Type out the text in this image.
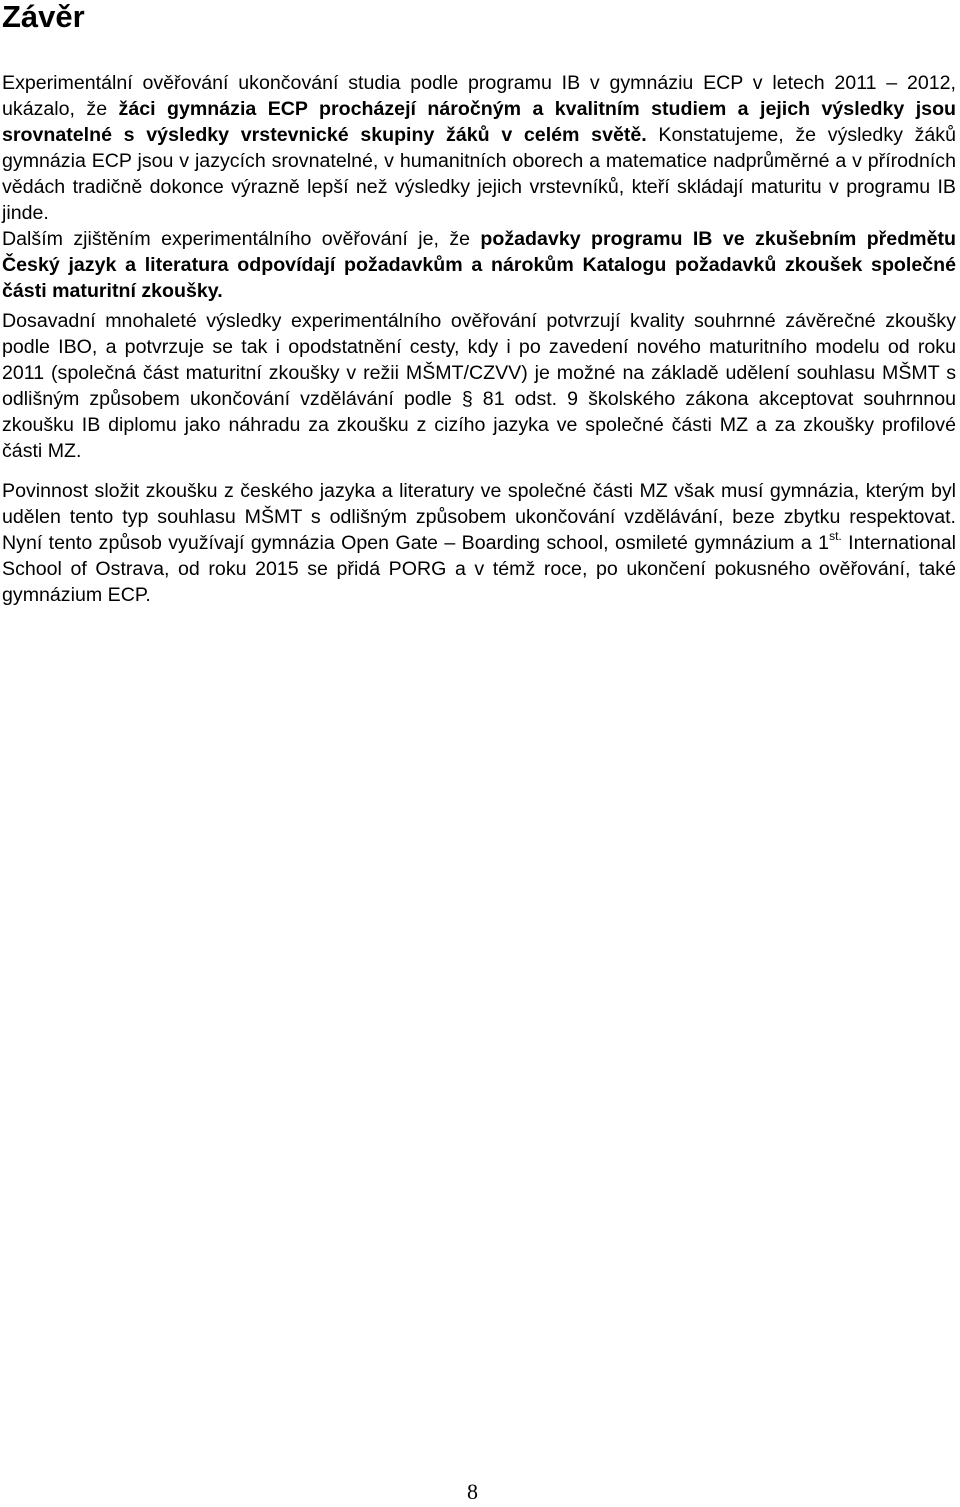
Závěr

Experimentální ověřování ukončování studia podle programu IB v gymnáziu ECP v letech 2011 – 2012, ukázalo, že žáci gymnázia ECP procházejí náročným a kvalitním studiem a jejich výsledky jsou srovnatelné s výsledky vrstevnické skupiny žáků v celém světě. Konstatujeme, že výsledky žáků gymnázia ECP jsou v jazycích srovnatelné, v humanitních oborech a matematice nadprůměrné a v přírodních vědách tradičně dokonce výrazně lepší než výsledky jejich vrstevníků, kteří skládají maturitu v programu IB jinde.

Dalším zjištěním experimentálního ověřování je, že požadavky programu IB ve zkušebním předmětu Český jazyk a literatura odpovídají požadavkům a nárokům Katalogu požadavků zkoušek společné části maturitní zkoušky.

Dosavadní mnohaleté výsledky experimentálního ověřování potvrzují kvality souhrnné závěrečné zkoušky podle IBO, a potvrzuje se tak i opodstatnění cesty, kdy i po zavedení nového maturitního modelu od roku 2011 (společná část maturitní zkoušky v režii MŠMT/CZVV) je možné na základě udělení souhlasu MŠMT s odlišným způsobem ukončování vzdělávání podle § 81 odst. 9 školského zákona akceptovat souhrnnou zkoušku IB diplomu jako náhradu za zkoušku z cizího jazyka ve společné části MZ a za zkoušky profilové části MZ.

Povinnost složit zkoušku z českého jazyka a literatury ve společné části MZ však musí gymnázia, kterým byl udělen tento typ souhlasu MŠMT s odlišným způsobem ukončování vzdělávání, beze zbytku respektovat. Nyní tento způsob využívají gymnázia Open Gate – Boarding school, osmileté gymnázium a $1^{st.}$ International School of Ostrava, od roku 2015 se přidá PORG a v témž roce, po ukončení pokusného ověřování, také gymnázium ECP.

8
